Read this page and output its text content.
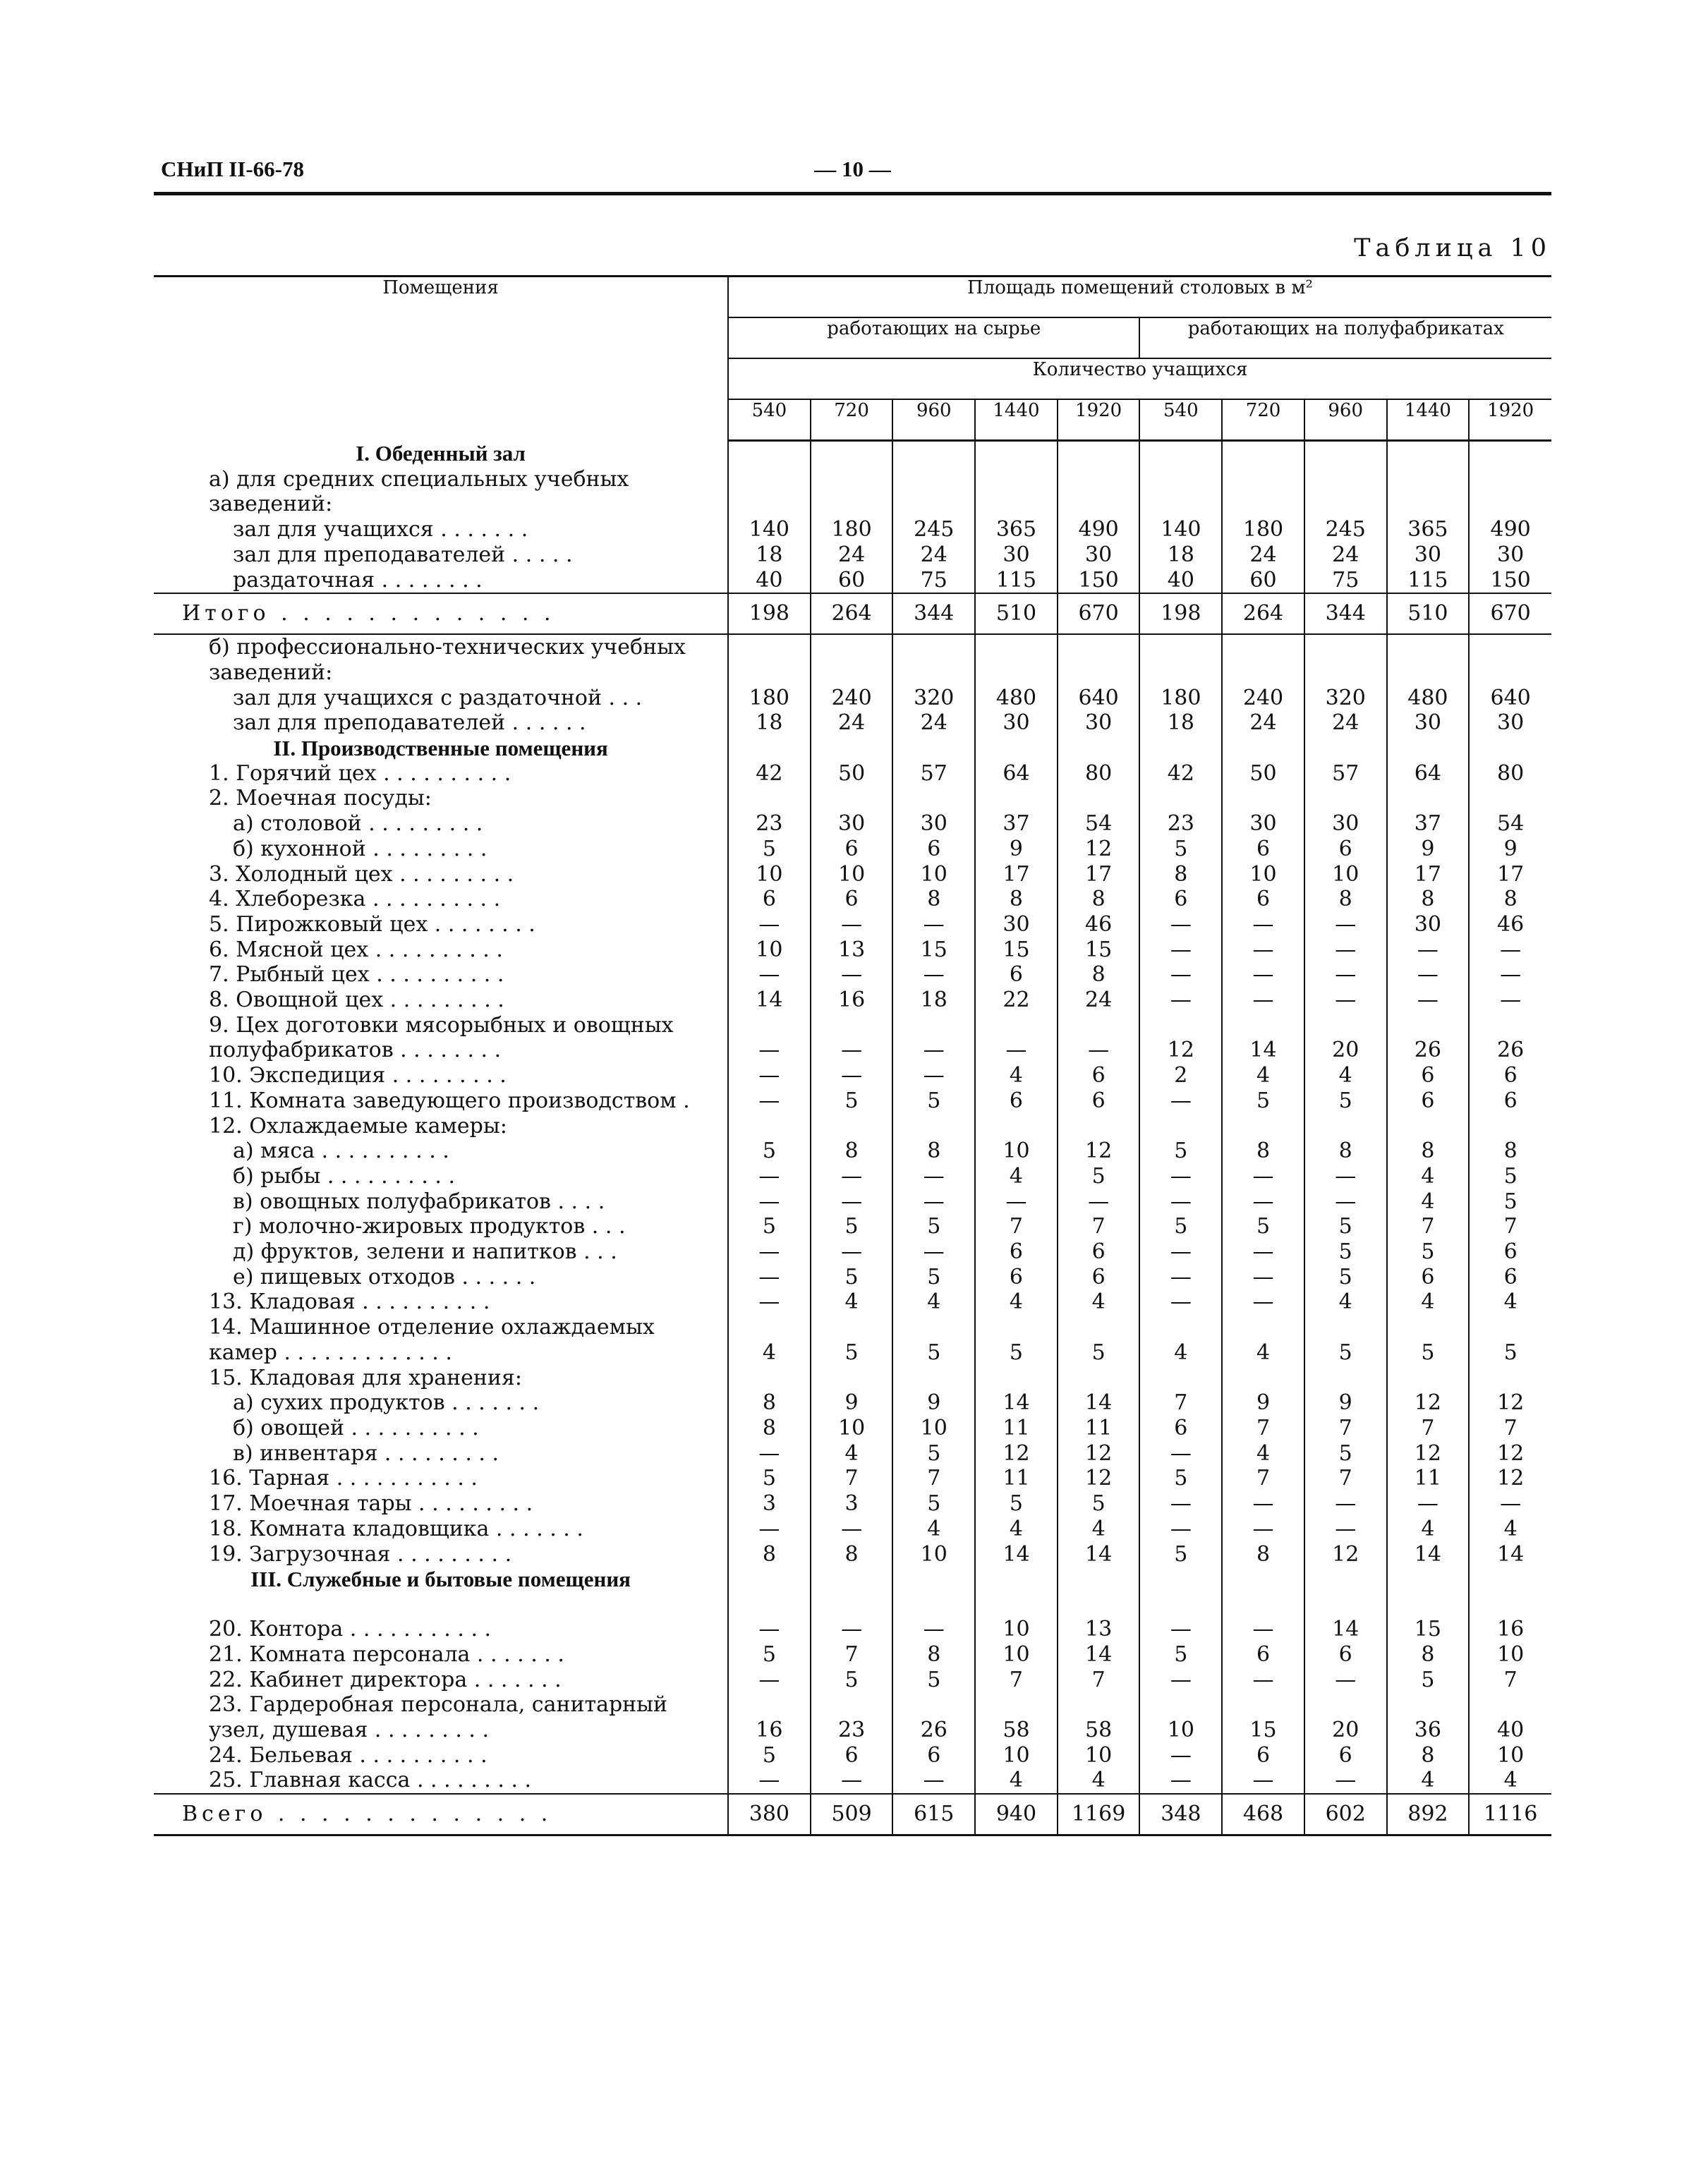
СНиП II-66-78	— 10 —
Таблица 10
Помещения	Площадь помещений столовых в м²									
	работающих на сырье					работающих на полуфабрикатах				
	Количество учащихся									
	540	720	960	1440	1920	540	720	960	1440	1920
I. Обеденный зал										
а) для средних специальных учебных заведений:										
зал для учащихся . . . . . . .	140	180	245	365	490	140	180	245	365	490
зал для преподавателей . . . . .	18	24	24	30	30	18	24	24	30	30
раздаточная . . . . . . . .	40	60	75	115	150	40	60	75	115	150
Итого . . . . . . . . . . . . .	198	264	344	510	670	198	264	344	510	670
б) профессионально-технических учебных заведений:										
зал для учащихся с раздаточной . . .	180	240	320	480	640	180	240	320	480	640
зал для преподавателей . . . . . .	18	24	24	30	30	18	24	24	30	30
II. Производственные помещения										
1. Горячий цех . . . . . . . . . .	42	50	57	64	80	42	50	57	64	80
2. Моечная посуды:										
а) столовой . . . . . . . . .	23	30	30	37	54	23	30	30	37	54
б) кухонной . . . . . . . . .	5	6	6	9	12	5	6	6	9	9
3. Холодный цех . . . . . . . . .	10	10	10	17	17	8	10	10	17	17
4. Хлеборезка . . . . . . . . . .	6	6	8	8	8	6	6	8	8	8
5. Пирожковый цех . . . . . . . .	—	—	—	30	46	—	—	—	30	46
6. Мясной цех . . . . . . . . . .	10	13	15	15	15	—	—	—	—	—
7. Рыбный цех . . . . . . . . . .	—	—	—	6	8	—	—	—	—	—
8. Овощной цех . . . . . . . . .	14	16	18	22	24	—	—	—	—	—
9. Цех доготовки мясорыбных и овощных полуфабрикатов . . . . . . . .	—	—	—	—	—	12	14	20	26	26
10. Экспедиция . . . . . . . . .	—	—	—	4	6	2	4	4	6	6
11. Комната заведующего производством .	—	5	5	6	6	—	5	5	6	6
12. Охлаждаемые камеры:										
а) мяса . . . . . . . . . .	5	8	8	10	12	5	8	8	8	8
б) рыбы . . . . . . . . . .	—	—	—	4	5	—	—	—	4	5
в) овощных полуфабрикатов . . . .	—	—	—	—	—	—	—	—	4	5
г) молочно-жировых продуктов . . .	5	5	5	7	7	5	5	5	7	7
д) фруктов, зелени и напитков . . .	—	—	—	6	6	—	—	5	5	6
е) пищевых отходов . . . . . .	—	5	5	6	6	—	—	5	6	6
13. Кладовая . . . . . . . . . .	—	4	4	4	4	—	—	4	4	4
14. Машинное отделение охлаждаемых камер . . . . . . . . . . . . .	4	5	5	5	5	4	4	5	5	5
15. Кладовая для хранения:										
а) сухих продуктов . . . . . . .	8	9	9	14	14	7	9	9	12	12
б) овощей . . . . . . . . . .	8	10	10	11	11	6	7	7	7	7
в) инвентаря . . . . . . . . .	—	4	5	12	12	—	4	5	12	12
16. Тарная . . . . . . . . . . .	5	7	7	11	12	5	7	7	11	12
17. Моечная тары . . . . . . . . .	3	3	5	5	5	—	—	—	—	—
18. Комната кладовщика . . . . . . .	—	—	4	4	4	—	—	—	4	4
19. Загрузочная . . . . . . . . .	8	8	10	14	14	5	8	12	14	14
III. Служебные и бытовые помещения										
20. Контора . . . . . . . . . . .	—	—	—	10	13	—	—	14	15	16
21. Комната персонала . . . . . . .	5	7	8	10	14	5	6	6	8	10
22. Кабинет директора . . . . . . .	—	5	5	7	7	—	—	—	5	7
23. Гардеробная персонала, санитарный узел, душевая . . . . . . . . .	16	23	26	58	58	10	15	20	36	40
24. Бельевая . . . . . . . . . .	5	6	6	10	10	—	6	6	8	10
25. Главная касса . . . . . . . . .	—	—	—	4	4	—	—	—	4	4
Всего . . . . . . . . . . . . .	380	509	615	940	1169	348	468	602	892	1116
